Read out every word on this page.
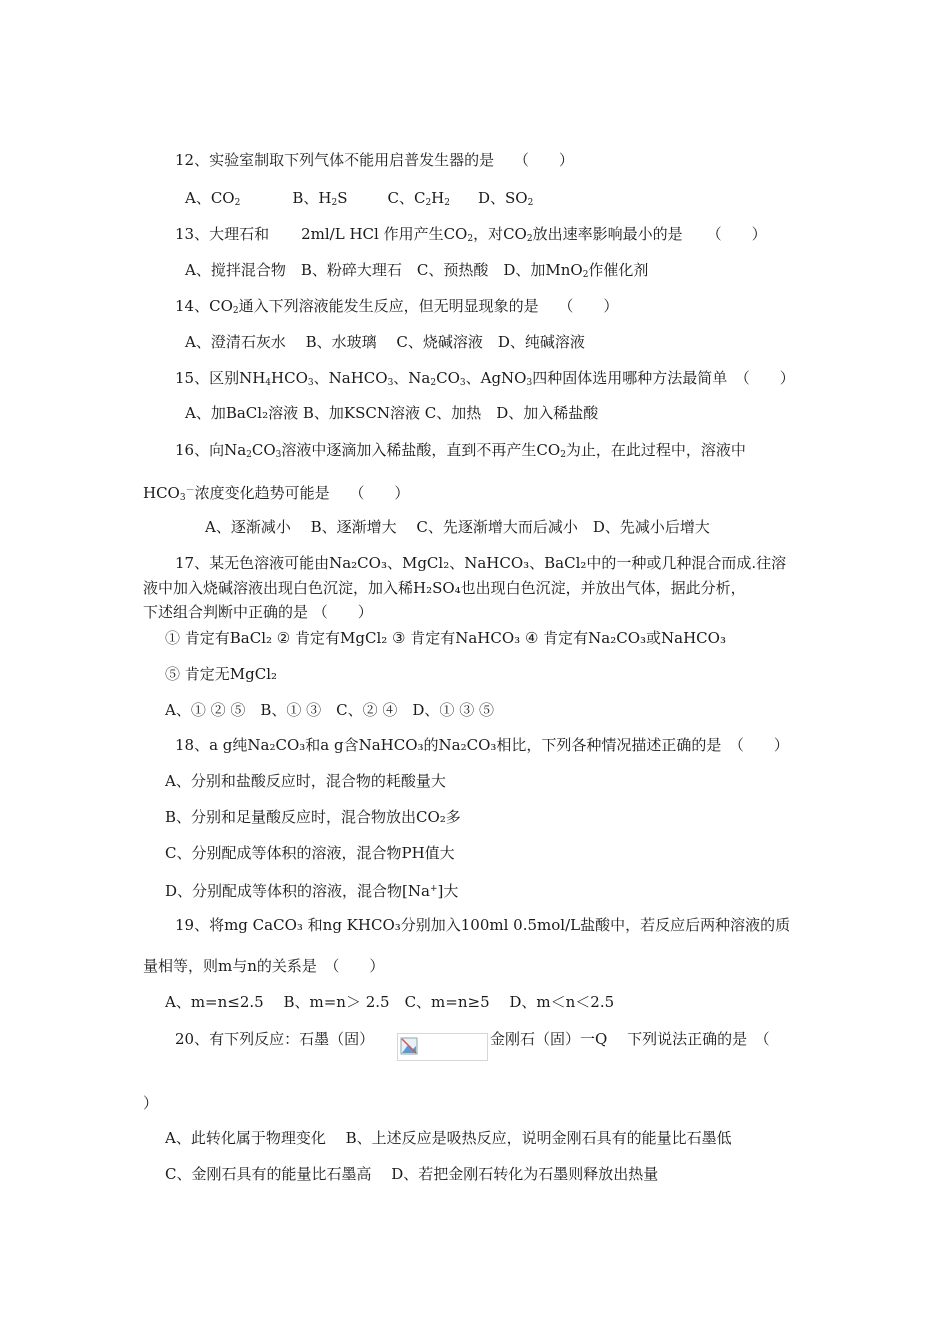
12、实验室制取下列气体不能用启普发生器的是　 （　　）
A、$CO_2$	B、$H_2S$	C、$C_2H_2$ D、$SO_2$
13、大理石和 2ml/L HCl 作用产生$CO_2$，对$CO_2$放出速率影响最小的是 （　　）
A、搅拌混合物　B、粉碎大理石　C、预热酸　D、加MnO$_2$作催化剂
14、$CO_2$通入下列溶液能发生反应，但无明显现象的是　 （　　）
A、澄清石灰水　 B、水玻璃　 C、烧碱溶液　D、纯碱溶液
15、区别$NH_4HCO_3$、NaHCO$_3$、$Na_2CO_3$、AgNO$_3$四种固体选用哪种方法最简单　 （　　）
A、加BaCl₂溶液 B、加KSCN溶液 C、加热　D、加入稀盐酸
16、向$Na_2CO_3$溶液中逐滴加入稀盐酸，直到不再产生$CO_2$为止，在此过程中，溶液中
$HCO_3^-$浓度变化趋势可能是　 （　　）
A、逐渐减小　 B、逐渐增大　 C、先逐渐增大而后减小　D、先减小后增大
17、某无色溶液可能由Na₂CO₃、MgCl₂、NaHCO₃、BaCl₂中的一种或几种混合而成.往溶
液中加入烧碱溶液出现白色沉淀，加入稀H₂SO₄也出现白色沉淀，并放出气体，据此分析，
下述组合判断中正确的是 （　　）
① 肯定有BaCl₂ ② 肯定有MgCl₂ ③ 肯定有NaHCO₃ ④ 肯定有Na₂CO₃或NaHCO₃
⑤ 肯定无MgCl₂
A、① ② ⑤　B、① ③　C、② ④　D、① ③ ⑤
18、a g纯Na₂CO₃和a g含NaHCO₃的Na₂CO₃相比，下列各种情况描述正确的是　（　　）
A、分别和盐酸反应时，混合物的耗酸量大
B、分别和足量酸反应时，混合物放出CO₂多
C、分别配成等体积的溶液，混合物PH值大
D、分别配成等体积的溶液，混合物[Na+]大
19、将mg CaCO₃ 和ng KHCO₃分别加入100ml 0.5mol/L盐酸中，若反应后两种溶液的质
量相等，则m与n的关系是　（　　）
A、m=n≤2.5　 B、m=n＞ 2.5　C、m=n≥5　 D、m＜n＜2.5
20、有下列反应：石墨（固）	金刚石（固）一Q　 下列说法正确的是　（
）
A、此转化属于物理变化　 B、上述反应是吸热反应，说明金刚石具有的能量比石墨低
C、金刚石具有的能量比石墨高　 D、若把金刚石转化为石墨则释放出热量
